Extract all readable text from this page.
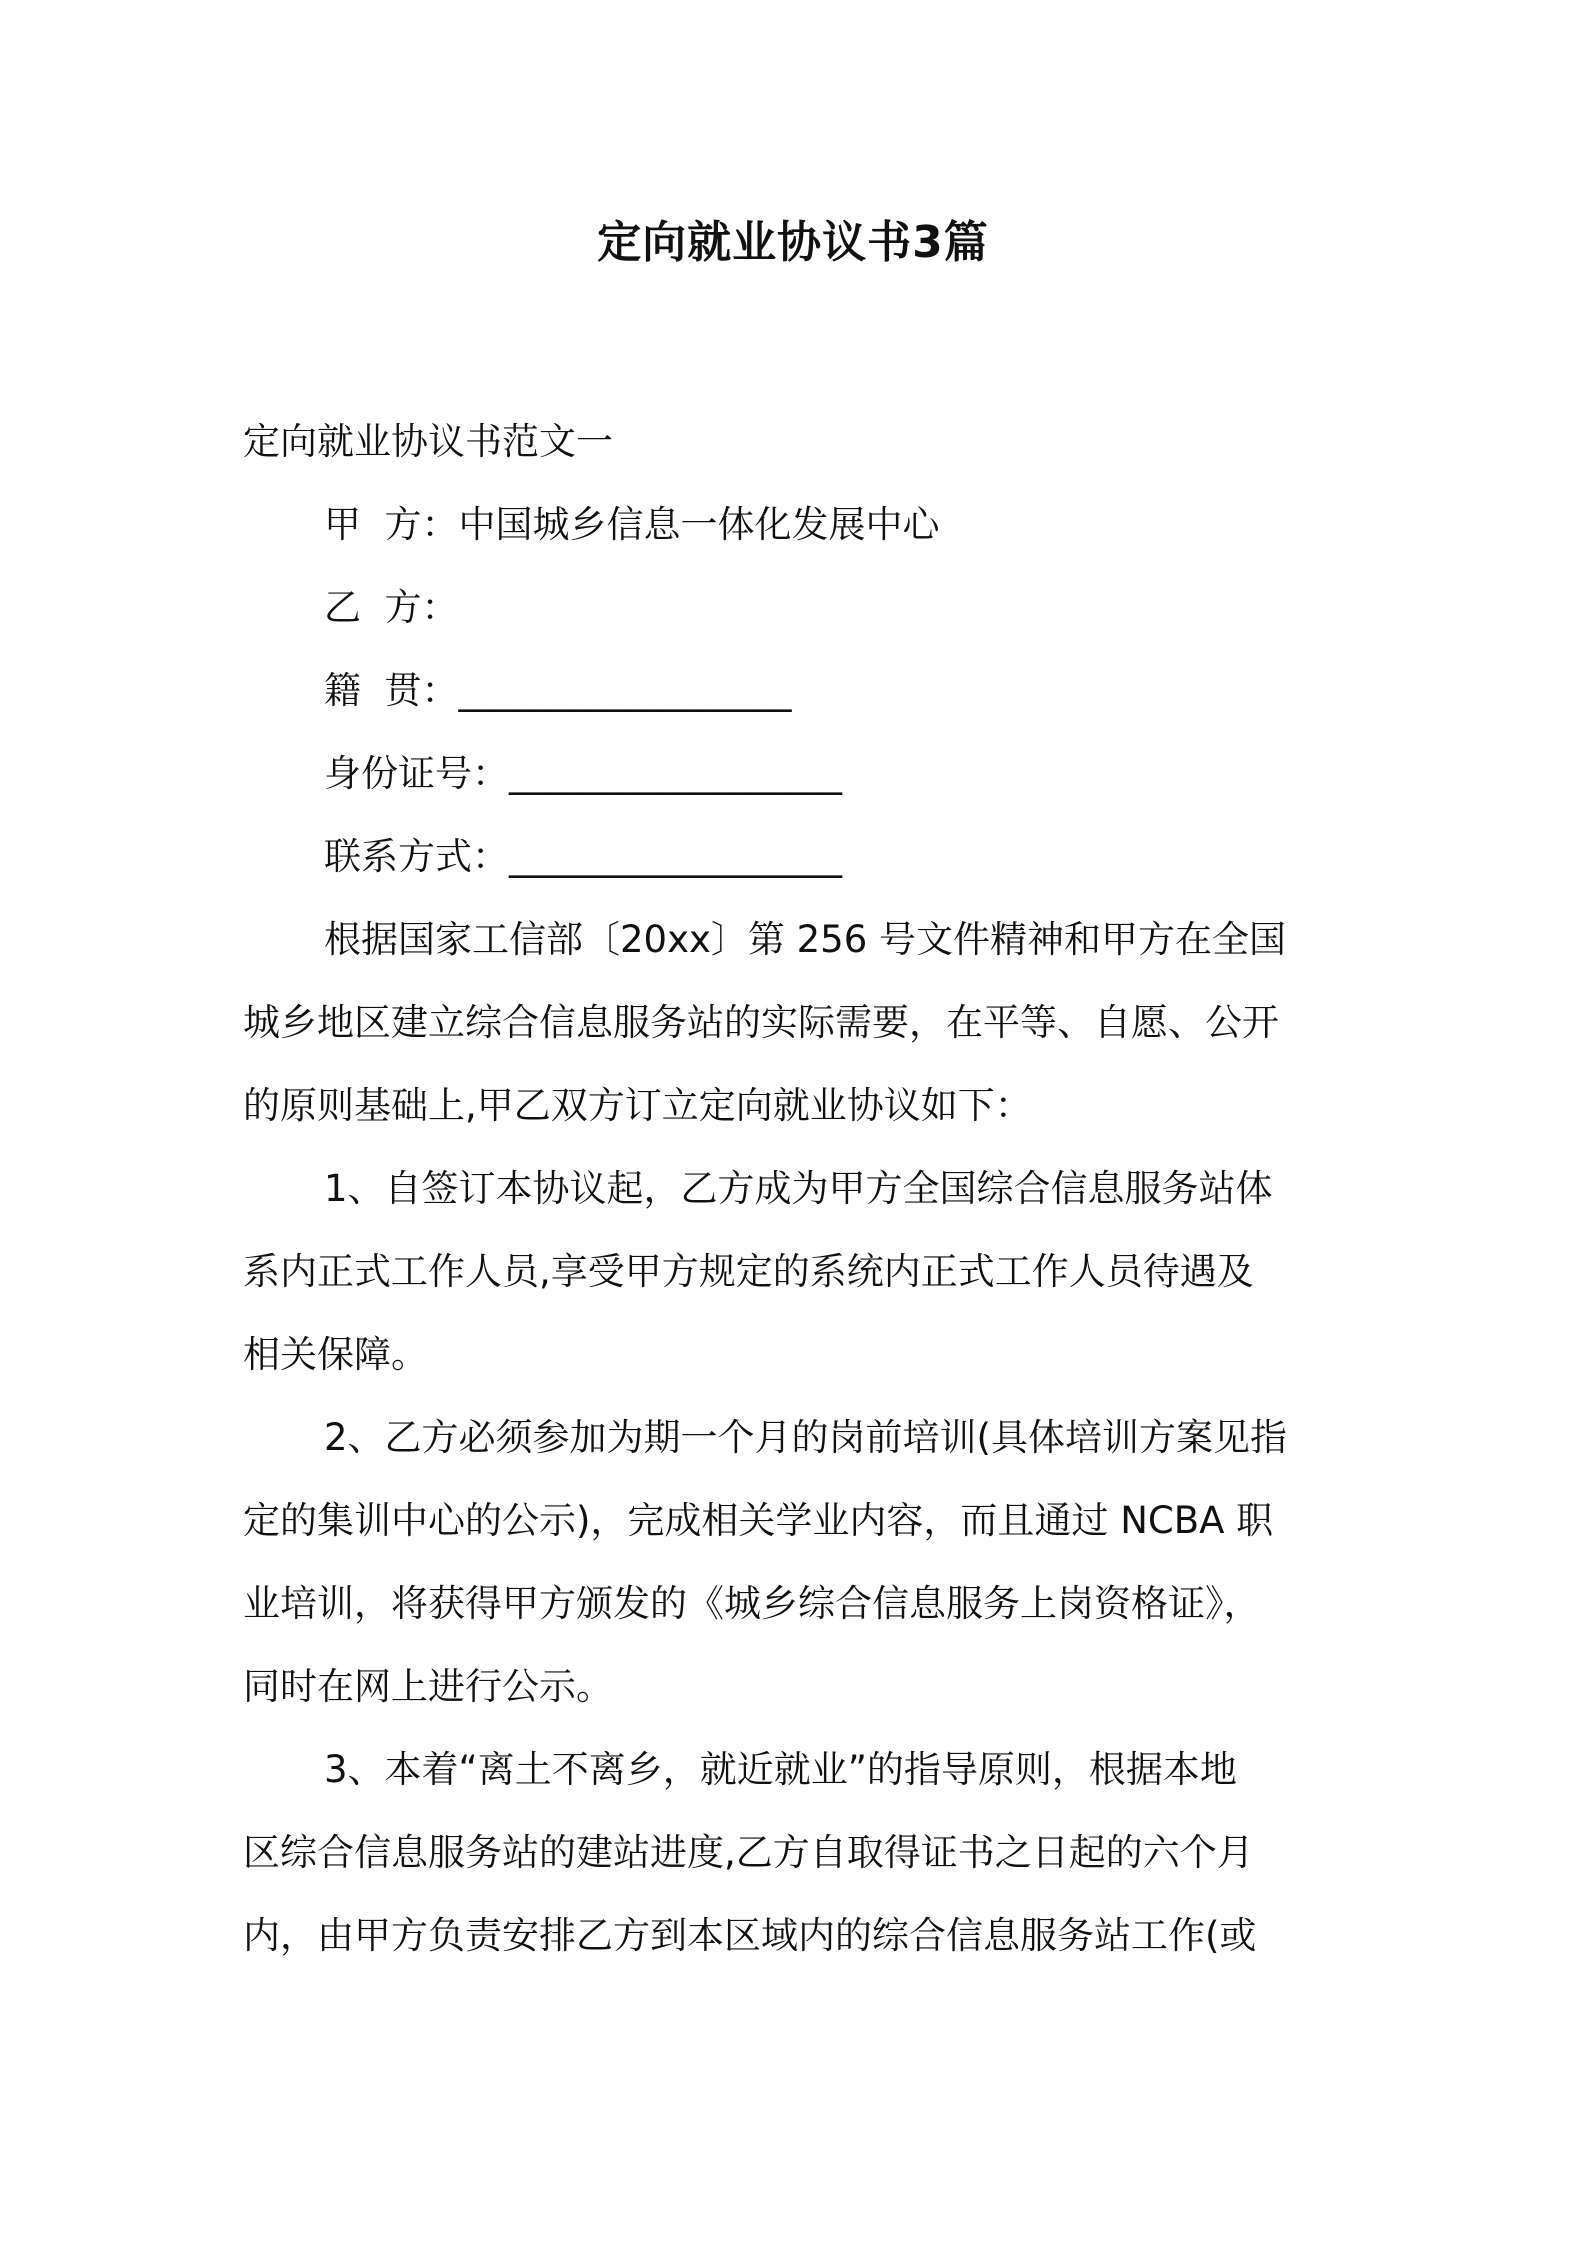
定向就业协议书3篇
定向就业协议书范文一
甲  方：中国城乡信息一体化发展中心
乙  方：
籍  贯：__________________
身份证号：__________________
联系方式：__________________
根据国家工信部〔20xx〕第 256 号文件精神和甲方在全国
城乡地区建立综合信息服务站的实际需要，在平等、自愿、公开
的原则基础上,甲乙双方订立定向就业协议如下：
1、自签订本协议起，乙方成为甲方全国综合信息服务站体
系内正式工作人员,享受甲方规定的系统内正式工作人员待遇及
相关保障。
2、乙方必须参加为期一个月的岗前培训(具体培训方案见指
定的集训中心的公示)，完成相关学业内容，而且通过 NCBA 职
业培训，将获得甲方颁发的《城乡综合信息服务上岗资格证》，
同时在网上进行公示。
3、本着“离土不离乡，就近就业”的指导原则，根据本地
区综合信息服务站的建站进度,乙方自取得证书之日起的六个月
内，由甲方负责安排乙方到本区域内的综合信息服务站工作(或
